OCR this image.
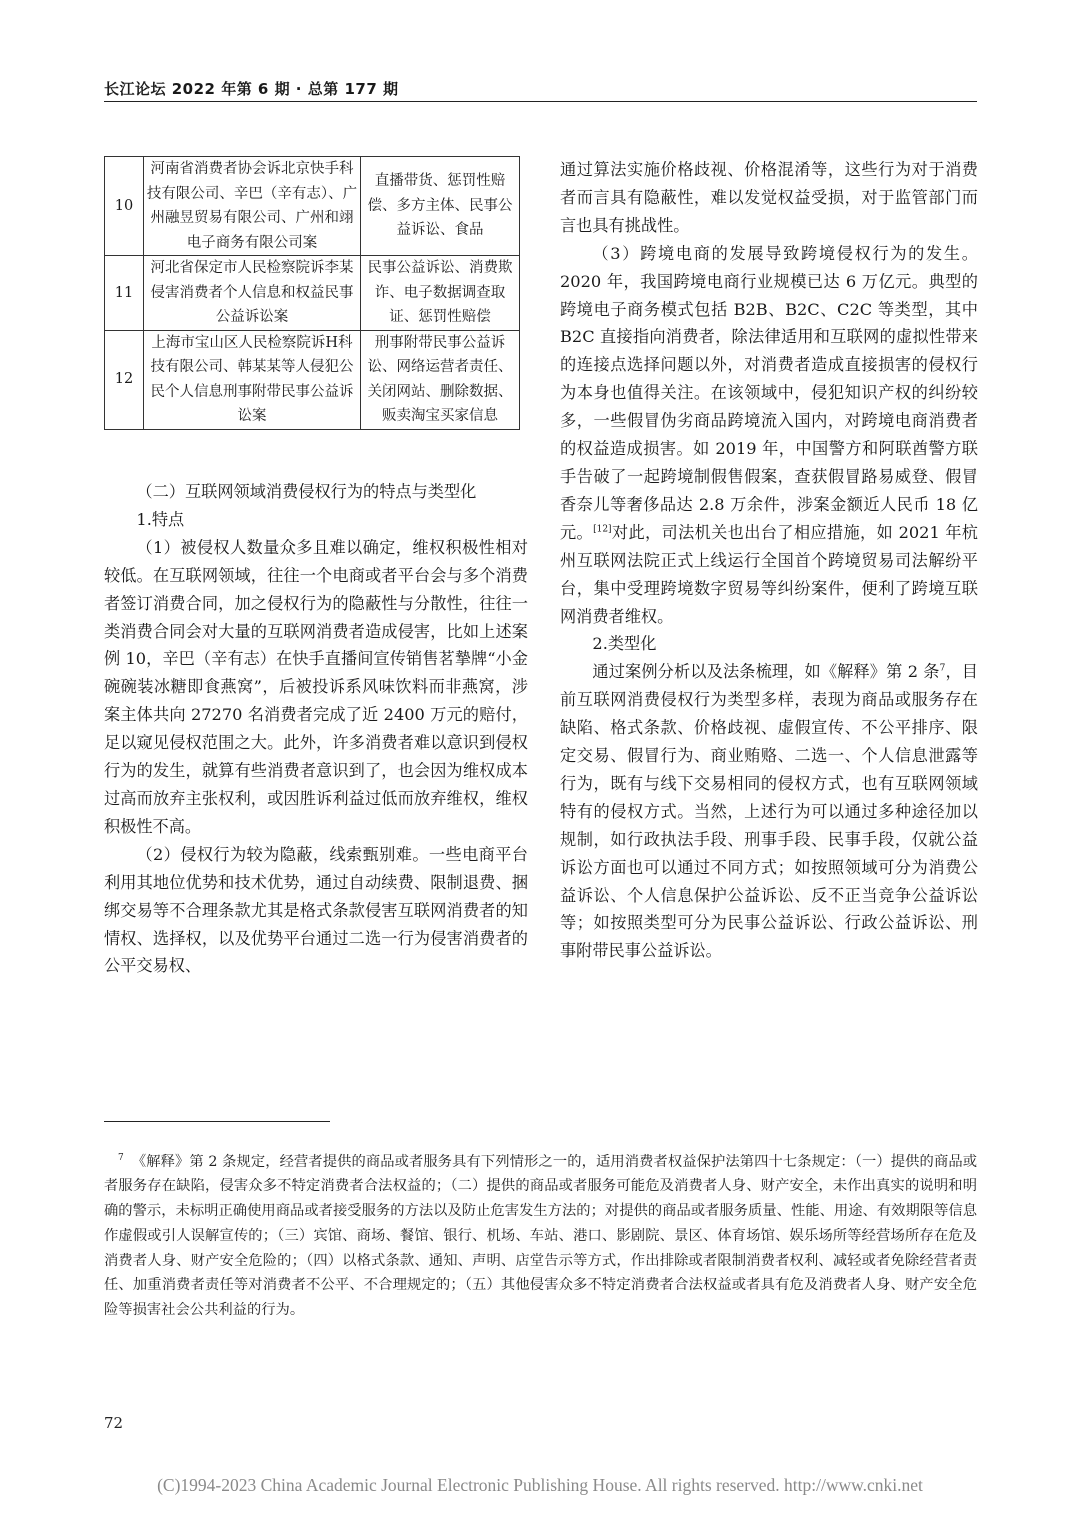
长江论坛 2022 年第 6 期 · 总第 177 期
10	河南省消费者协会诉北京快手科技有限公司、辛巴（辛有志）、广州融昱贸易有限公司、广州和翊电子商务有限公司案	直播带货、惩罚性赔偿、多方主体、民事公益诉讼、食品
11	河北省保定市人民检察院诉李某侵害消费者个人信息和权益民事公益诉讼案	民事公益诉讼、消费欺诈、电子数据调查取证、惩罚性赔偿
12	上海市宝山区人民检察院诉H科技有限公司、韩某某等人侵犯公民个人信息刑事附带民事公益诉讼案	刑事附带民事公益诉讼、网络运营者责任、关闭网站、删除数据、贩卖淘宝买家信息

（二）互联网领域消费侵权行为的特点与类型化

1.特点

（1）被侵权人数量众多且难以确定，维权积极性相对较低。在互联网领域，往往一个电商或者平台会与多个消费者签订消费合同，加之侵权行为的隐蔽性与分散性，往往一类消费合同会对大量的互联网消费者造成侵害，比如上述案例 10，辛巴（辛有志）在快手直播间宣传销售茗摯牌“小金碗碗装冰糖即食燕窝”，后被投诉系风味饮料而非燕窝，涉案主体共向 27270 名消费者完成了近 2400 万元的赔付，足以窥见侵权范围之大。此外，许多消费者难以意识到侵权行为的发生，就算有些消费者意识到了，也会因为维权成本过高而放弃主张权利，或因胜诉利益过低而放弃维权，维权积极性不高。

（2）侵权行为较为隐蔽，线索甄别难。一些电商平台利用其地位优势和技术优势，通过自动续费、限制退费、捆绑交易等不合理条款尤其是格式条款侵害互联网消费者的知情权、选择权，以及优势平台通过二选一行为侵害消费者的公平交易权、

通过算法实施价格歧视、价格混淆等，这些行为对于消费者而言具有隐蔽性，难以发觉权益受损，对于监管部门而言也具有挑战性。

（3）跨境电商的发展导致跨境侵权行为的发生。2020 年，我国跨境电商行业规模已达 6 万亿元。典型的跨境电子商务模式包括 B2B、B2C、C2C 等类型，其中 B2C 直接指向消费者，除法律适用和互联网的虚拟性带来的连接点选择问题以外，对消费者造成直接损害的侵权行为本身也值得关注。在该领域中，侵犯知识产权的纠纷较多，一些假冒伪劣商品跨境流入国内，对跨境电商消费者的权益造成损害。如 2019 年，中国警方和阿联酋警方联手告破了一起跨境制假售假案，查获假冒路易威登、假冒香奈儿等奢侈品达 2.8 万余件，涉案金额近人民币 18 亿元。[12]对此，司法机关也出台了相应措施，如 2021 年杭州互联网法院正式上线运行全国首个跨境贸易司法解纷平台，集中受理跨境数字贸易等纠纷案件，便利了跨境互联网消费者维权。

2.类型化

通过案例分析以及法条梳理，如《解释》第 2 条$^7$，目前互联网消费侵权行为类型多样，表现为商品或服务存在缺陷、格式条款、价格歧视、虚假宣传、不公平排序、限定交易、假冒行为、商业贿赂、二选一、个人信息泄露等行为，既有与线下交易相同的侵权方式，也有互联网领域特有的侵权方式。当然，上述行为可以通过多种途径加以规制，如行政执法手段、刑事手段、民事手段，仅就公益诉讼方面也可以通过不同方式；如按照领域可分为消费公益诉讼、个人信息保护公益诉讼、反不正当竞争公益诉讼等；如按照类型可分为民事公益诉讼、行政公益诉讼、刑事附带民事公益诉讼。

$^7$ 《解释》第 2 条规定，经营者提供的商品或者服务具有下列情形之一的，适用消费者权益保护法第四十七条规定：（一）提供的商品或者服务存在缺陷，侵害众多不特定消费者合法权益的；（二）提供的商品或者服务可能危及消费者人身、财产安全，未作出真实的说明和明确的警示，未标明正确使用商品或者接受服务的方法以及防止危害发生方法的；对提供的商品或者服务质量、性能、用途、有效期限等信息作虚假或引人误解宣传的；（三）宾馆、商场、餐馆、银行、机场、车站、港口、影剧院、景区、体育场馆、娱乐场所等经营场所存在危及消费者人身、财产安全危险的；（四）以格式条款、通知、声明、店堂告示等方式，作出排除或者限制消费者权利、减轻或者免除经营者责任、加重消费者责任等对消费者不公平、不合理规定的；（五）其他侵害众多不特定消费者合法权益或者具有危及消费者人身、财产安全危险等损害社会公共利益的行为。
72
(C)1994-2023 China Academic Journal Electronic Publishing House. All rights reserved. http://www.cnki.net
